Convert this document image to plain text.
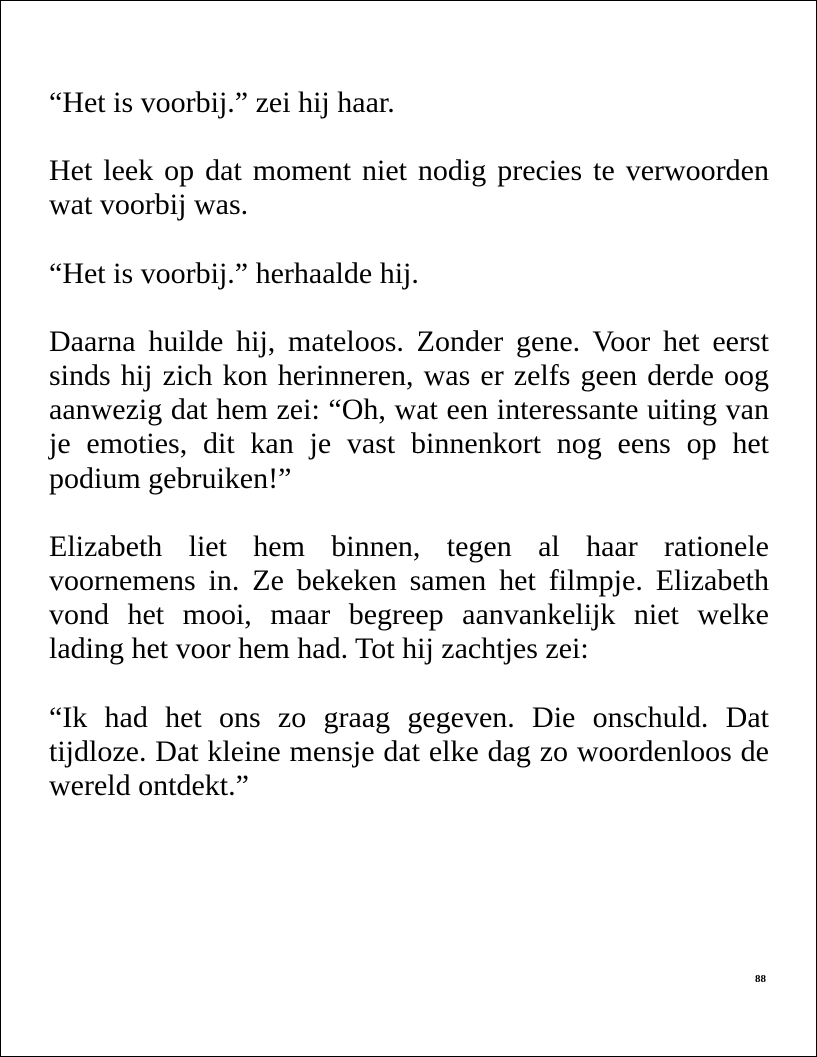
“Het is voorbij.” zei hij haar.

Het leek op dat moment niet nodig precies te verwoorden wat voorbij was.

“Het is voorbij.” herhaalde hij.

Daarna huilde hij, mateloos. Zonder gene. Voor het eerst sinds hij zich kon herinneren, was er zelfs geen derde oog aanwezig dat hem zei: “Oh, wat een interessante uiting van je emoties, dit kan je vast binnenkort nog eens op het podium gebruiken!”

Elizabeth liet hem binnen, tegen al haar rationele voornemens in. Ze bekeken samen het filmpje. Elizabeth vond het mooi, maar begreep aanvankelijk niet welke lading het voor hem had. Tot hij zachtjes zei:

“Ik had het ons zo graag gegeven. Die onschuld. Dat tijdloze. Dat kleine mensje dat elke dag zo woordenloos de wereld ontdekt.”

88
